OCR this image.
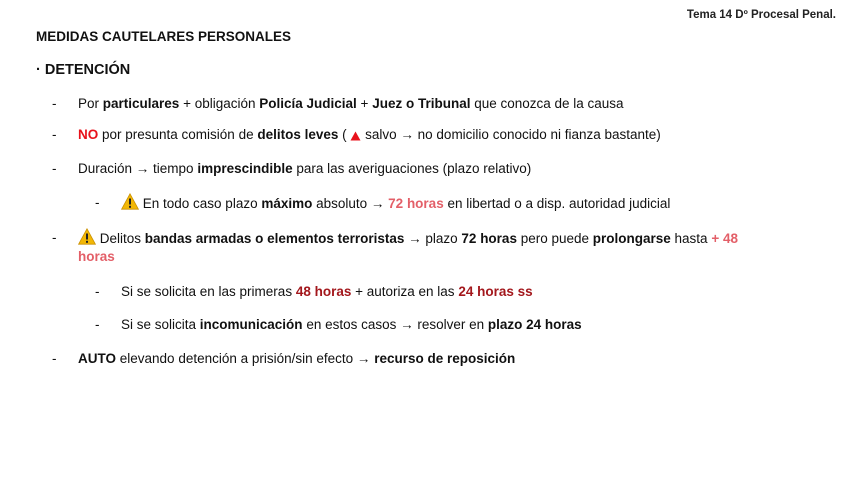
Tema 14 Dº Procesal Penal.
MEDIDAS CAUTELARES PERSONALES
· DETENCIÓN
- Por particulares + obligación Policía Judicial + Juez o Tribunal que conozca de la causa
- NO por presunta comisión de delitos leves (  salvo → no domicilio conocido ni fianza bastante)
- Duración → tiempo imprescindible para las averiguaciones (plazo relativo)
-	En todo caso plazo máximo absoluto → 72 horas en libertad o a disp. autoridad judicial
-	Delitos bandas armadas o elementos terroristas → plazo 72 horas pero puede prolongarse hasta + 48
horas
- Si se solicita en las primeras 48 horas + autoriza en las 24 horas ss
- Si se solicita incomunicación en estos casos → resolver en plazo 24 horas
- AUTO elevando detención a prisión/sin efecto → recurso de reposición
